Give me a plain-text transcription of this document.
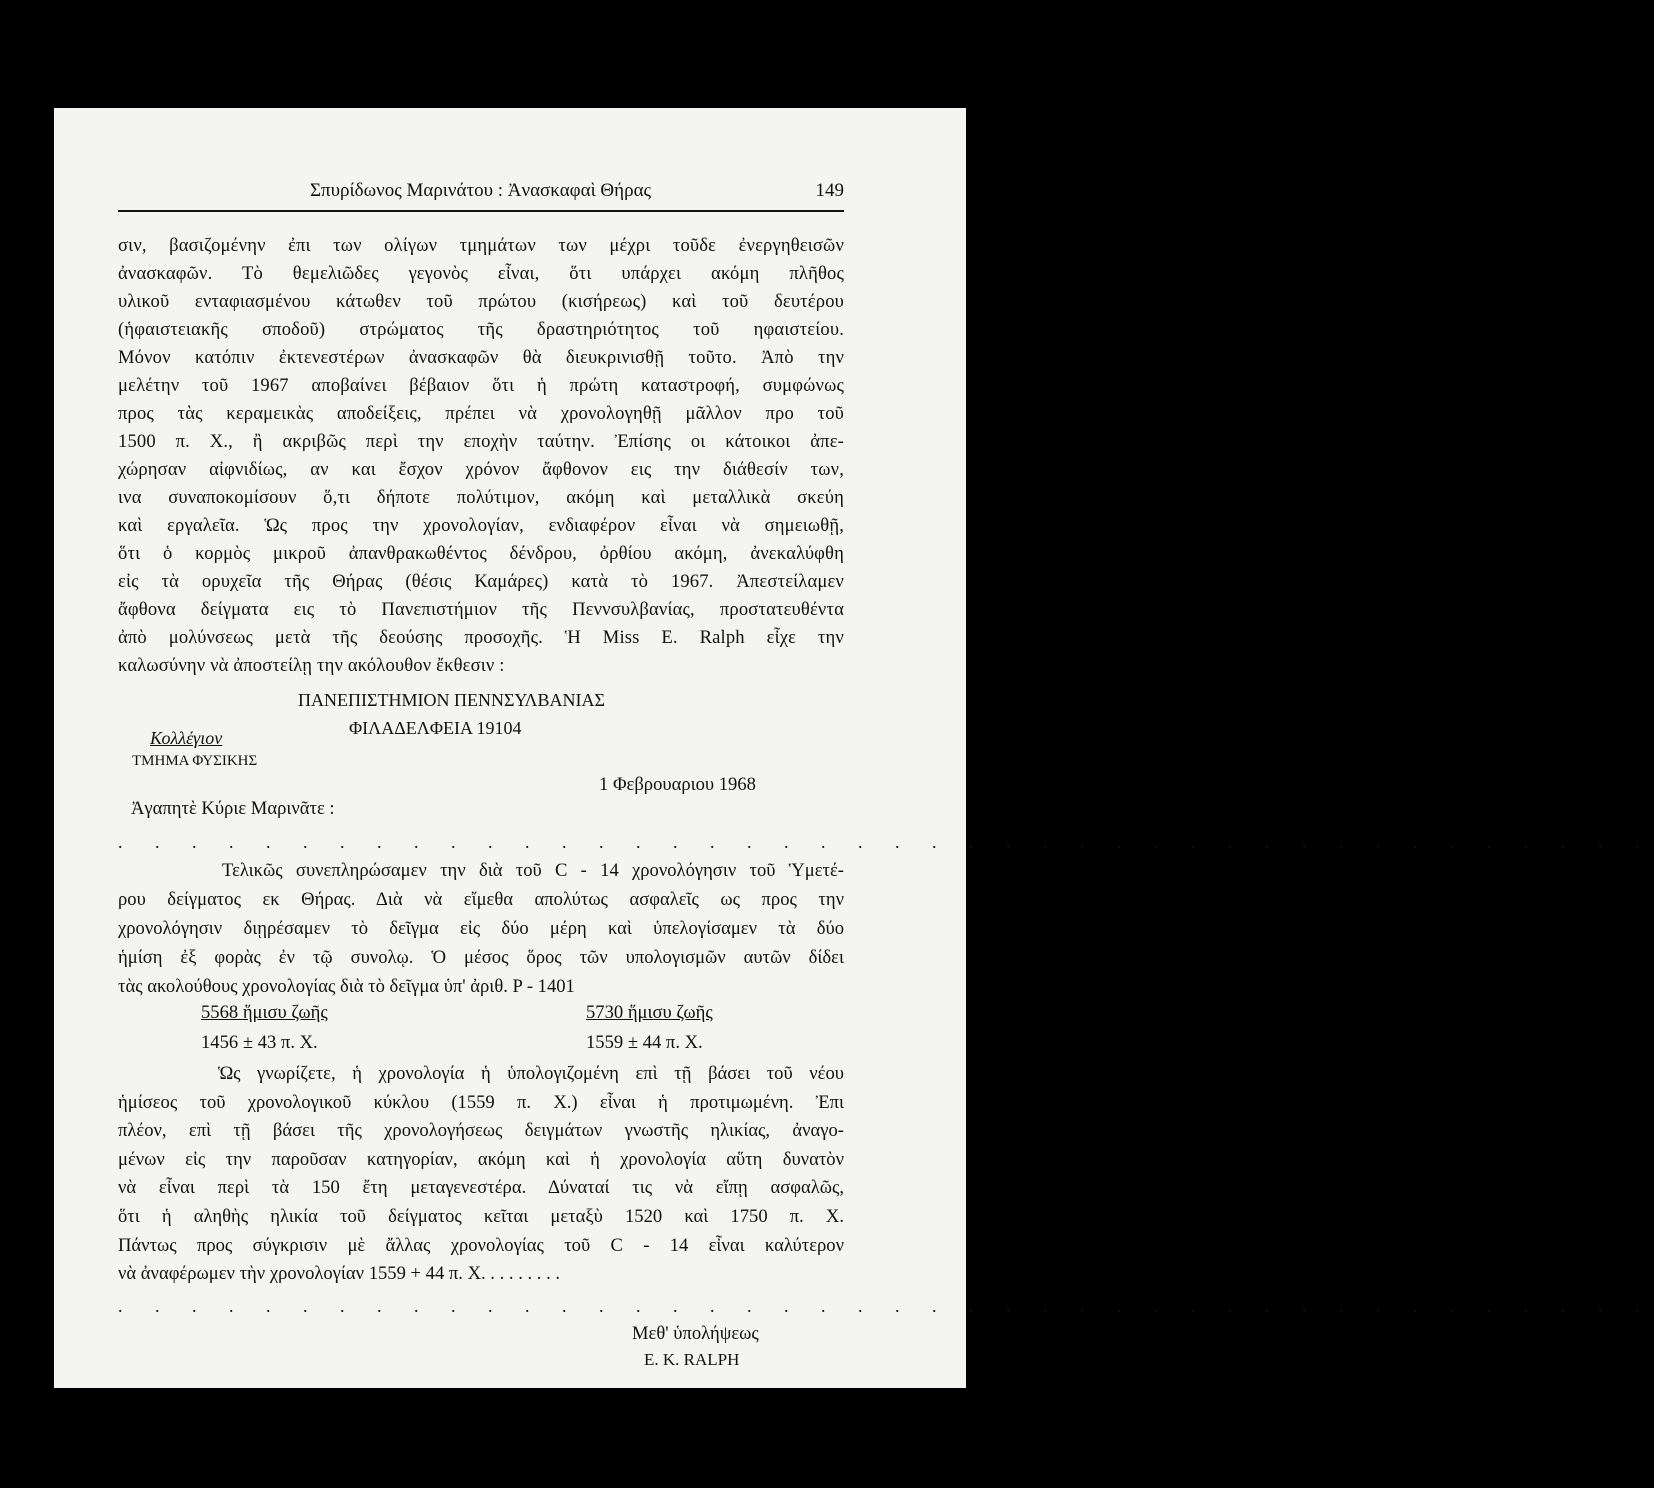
Σπυρίδωνος Μαρινάτου : Ἀνασκαφαὶ Θήρας	149
σιν, βασιζομένην ἐπι των ολίγων τμημάτων των μέχρι τοῦδε ἐνεργηθεισῶν
ἀνασκαφῶν. Τὸ θεμελιῶδες γεγονὸς εἶναι, ὅτι υπάρχει ακόμη πλῆθος
υλικοῦ ενταφιασμένου κάτωθεν τοῦ πρώτου (κισήρεως) καὶ τοῦ δευτέρου
(ἡφαιστειακῆς σποδοῦ) στρώματος τῆς δραστηριότητος τοῦ ηφαιστείου.
Μόνον κατόπιν ἐκτενεστέρων ἀνασκαφῶν θὰ διευκρινισθῇ τοῦτο. Ἀπὸ την
μελέτην τοῦ 1967 αποβαίνει βέβαιον ὅτι ἡ πρώτη καταστροφή, συμφώνως
προς τὰς κεραμεικὰς αποδείξεις, πρέπει νὰ χρονολογηθῇ μᾶλλον προ τοῦ
1500 π. Χ., ἢ ακριβῶς περὶ την εποχὴν ταύτην. Ἐπίσης οι κάτοικοι ἀπε-
χώρησαν αἰφνιδίως, αν και ἔσχον χρόνον ἄφθονον εις την διάθεσίν των,
ινα συναποκομίσουν ὅ,τι δήποτε πολύτιμον, ακόμη καὶ μεταλλικὰ σκεύη
καὶ εργαλεῖα. Ὡς προς την χρονολογίαν, ενδιαφέρον εἶναι νὰ σημειωθῇ,
ὅτι ὁ κορμὸς μικροῦ ἀπανθρακωθέντος δένδρου, ὀρθίου ακόμη, ἀνεκαλύφθη
εἰς τὰ ορυχεῖα τῆς Θήρας (θέσις Καμάρες) κατὰ τὸ 1967. Ἀπεστείλαμεν
ἄφθονα δείγματα εις τὸ Πανεπιστήμιον τῆς Πεννσυλβανίας, προστατευθέντα
ἀπὸ μολύνσεως μετὰ τῆς δεούσης προσοχῆς. Ἡ Miss E. Ralph εἶχε την
καλωσύνην νὰ ἀποστείλῃ την ακόλουθον ἔκθεσιν :
ΠΑΝΕΠΙΣΤΗΜΙΟΝ ΠΕΝΝΣΥΛΒΑΝΙΑΣ
ΦΙΛΑΔΕΛΦΕΙΑ 19104
Κολλέγιον
ΤΜΗΜΑ ΦΥΣΙΚΗΣ
1 Φεβρουαριου 1968
Ἀγαπητὲ Κύριε Μαρινᾶτε :
. . . . . . . . . . . . . . . . . . . . . . . . . . . . . . . . . . . . . . . . . .
Τελικῶς συνεπληρώσαμεν την διὰ τοῦ C - 14 χρονολόγησιν τοῦ Ὑμετέ-
ρου δείγματος εκ Θήρας. Διὰ νὰ εἴμεθα απολύτως ασφαλεῖς ως προς την
χρονολόγησιν διῃρέσαμεν τὸ δεῖγμα εἰς δύο μέρη καὶ ὑπελογίσαμεν τὰ δύο
ἡμίση ἐξ φορὰς ἐν τῷ συνολῳ. Ὁ μέσος ὅρος τῶν υπολογισμῶν αυτῶν δίδει
τὰς ακολούθους χρονολογίας διὰ τὸ δεῖγμα ὑπ' ἀριθ. P - 1401
5568 ἥμισυ ζωῆς
1456 ± 43 π. Χ.
5730 ἥμισυ ζωῆς
1559 ± 44 π. Χ.
Ὡς γνωρίζετε, ἡ χρονολογία ἡ ὑπολογιζομένη επὶ τῇ βάσει τοῦ νέου
ἡμίσεος τοῦ χρονολογικοῦ κύκλου (1559 π. Χ.) εἶναι ἡ προτιμωμένη. Ἐπι
πλέον, επὶ τῇ βάσει τῆς χρονολογήσεως δειγμάτων γνωστῆς ηλικίας, ἀναγο-
μένων εἰς την παροῦσαν κατηγορίαν, ακόμη καὶ ἡ χρονολογία αὕτη δυνατὸν
νὰ εἶναι περὶ τὰ 150 ἔτη μεταγενεστέρα. Δύναταί τις νὰ εἴπῃ ασφαλῶς,
ὅτι ἡ αληθὴς ηλικία τοῦ δείγματος κεῖται μεταξὺ 1520 καὶ 1750 π. Χ.
Πάντως προς σύγκρισιν μὲ ἄλλας χρονολογίας τοῦ C - 14 εἶναι καλύτερον
νὰ ἀναφέρωμεν τὴν χρονολογίαν 1559 + 44 π. Χ. . . . . . . . .
. . . . . . . . . . . . . . . . . . . . . . . . . . . . . . . . . . . . . . . . . .
Μεθ' ὑπολήψεως
E. K. RALPH
